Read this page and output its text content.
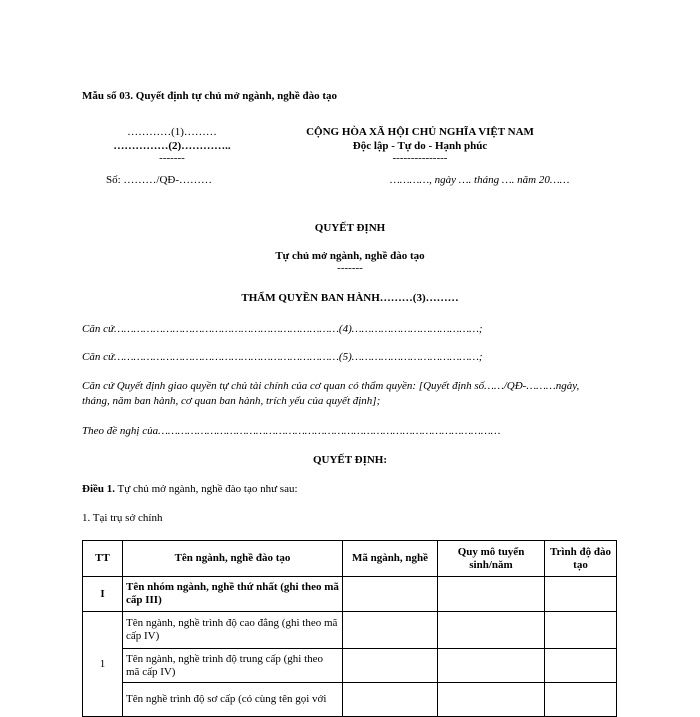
Mẫu số 03. Quyết định tự chủ mở ngành, nghề đào tạo
…………(1)………
……………(2)…………..
-------
Số: ………/QĐ-………
CỘNG HÒA XÃ HỘI CHỦ NGHĨA VIỆT NAM
Độc lập - Tự do - Hạnh phúc
---------------
…………, ngày …. tháng …. năm 20……
QUYẾT ĐỊNH
Tự chủ mở ngành, nghề đào tạo
-------
THẨM QUYỀN BAN HÀNH………(3)………
Căn cứ……………………………………………………………(4)…………………………………;
Căn cứ……………………………………………………………(5)…………………………………;
Căn cứ Quyết định giao quyền tự chủ tài chính của cơ quan có thẩm quyền: [Quyết định số……/QĐ-………ngày,
tháng, năm ban hành, cơ quan ban hành, trích yếu của quyết định];
Theo đề nghị của……………………………………………………………………………………………
QUYẾT ĐỊNH:
Điều 1. Tự chủ mở ngành, nghề đào tạo như sau:
1. Tại trụ sở chính
TT	Tên ngành, nghề đào tạo	Mã ngành, nghề	Quy mô tuyển sinh/năm	Trình độ đào tạo
I	Tên nhóm ngành, nghề thứ nhất (ghi theo mã cấp III)			
1	Tên ngành, nghề trình độ cao đẳng (ghi theo mã cấp IV)			
	Tên ngành, nghề trình độ trung cấp (ghi theo mã cấp IV)			
	Tên nghề trình độ sơ cấp (có cùng tên gọi với			
